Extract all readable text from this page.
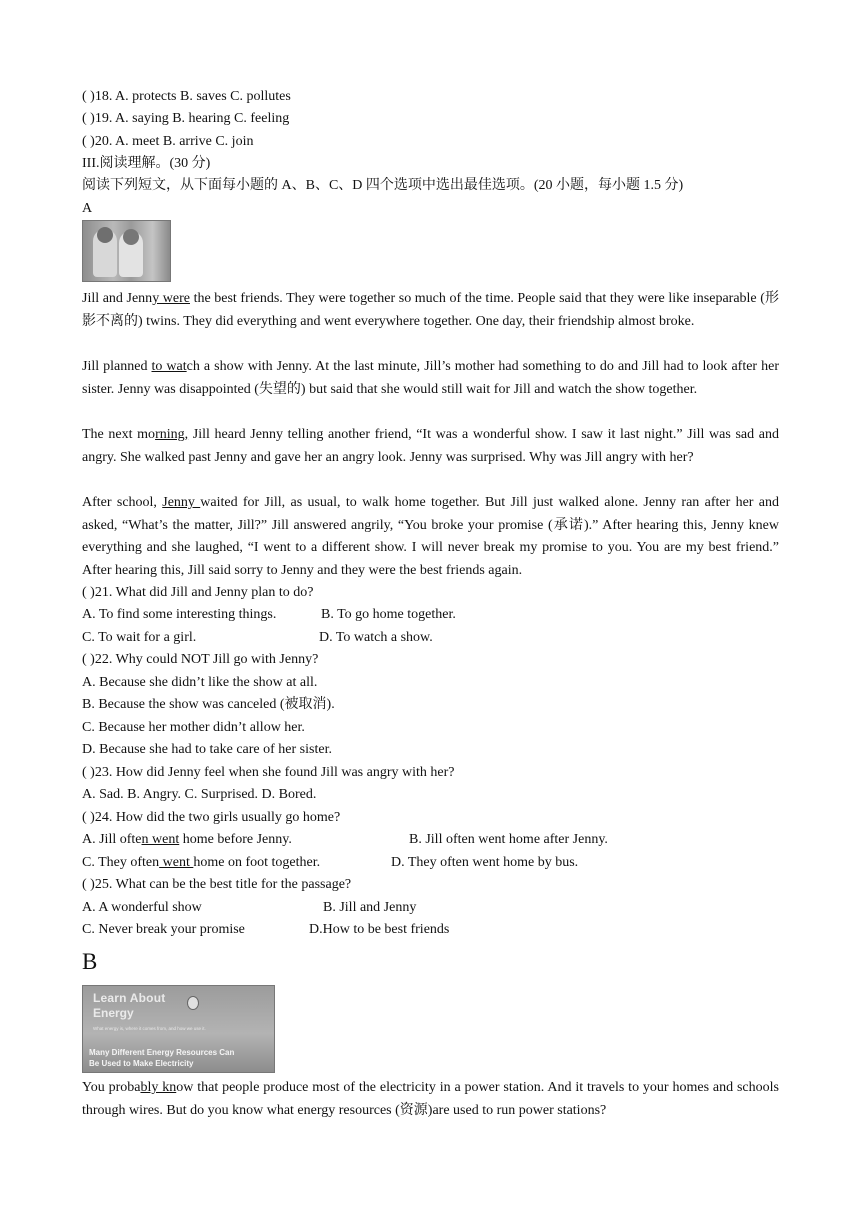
( )18. A. protects B. saves C. pollutes
( )19. A. saying B. hearing C. feeling
( )20. A. meet B. arrive C. join
III.阅读理解。(30 分)
阅读下列短文，从下面每小题的 A、B、C、D 四个选项中选出最佳选项。(20 小题，每小题 1.5 分)
A
Jill and Jenny were the best friends. They were together so much of the time. People said that they were like inseparable (形影不离的) twins. They did everything and went everywhere together. One day, their friendship almost broke.
Jill planned to watch a show with Jenny. At the last minute, Jill’s mother had something to do and Jill had to look after her sister. Jenny was disappointed (失望的) but said that she would still wait for Jill and watch the show together.
The next morning, Jill heard Jenny telling another friend, “It was a wonderful show. I saw it last night.” Jill was sad and angry. She walked past Jenny and gave her an angry look. Jenny was surprised. Why was Jill angry with her?
After school, Jenny waited for Jill, as usual, to walk home together. But Jill just walked alone. Jenny ran after her and asked, “What’s the matter, Jill?” Jill answered angrily, “You broke your promise (承诺).” After hearing this, Jenny knew everything and she laughed, “I went to a different show. I will never break my promise to you. You are my best friend.” After hearing this, Jill said sorry to Jenny and they were the best friends again.
( )21. What did Jill and Jenny plan to do?
A. To find some interesting things.	B. To go home together.
C. To wait for a girl.	D. To watch a show.
( )22. Why could NOT Jill go with Jenny?
A. Because she didn’t like the show at all.
B. Because the show was canceled (被取消).
C. Because her mother didn’t allow her.
D. Because she had to take care of her sister.
( )23. How did Jenny feel when she found Jill was angry with her?
A. Sad. B. Angry. C. Surprised. D. Bored.
( )24. How did the two girls usually go home?
A. Jill often went home before Jenny.	B. Jill often went home after Jenny.
C. They often went home on foot together.	D. They often went home by bus.
( )25. What can be the best title for the passage?
A. A wonderful show	B. Jill and Jenny
C. Never break your promise	D.How to be best friends
B
Learn About
Energy
What energy is, where it comes from, and how we use it.
Many Different Energy Resources Can
Be Used to Make Electricity
You probably know that people produce most of the electricity in a power station. And it travels to your homes and schools through wires. But do you know what energy resources (资源)are used to run power stations?
